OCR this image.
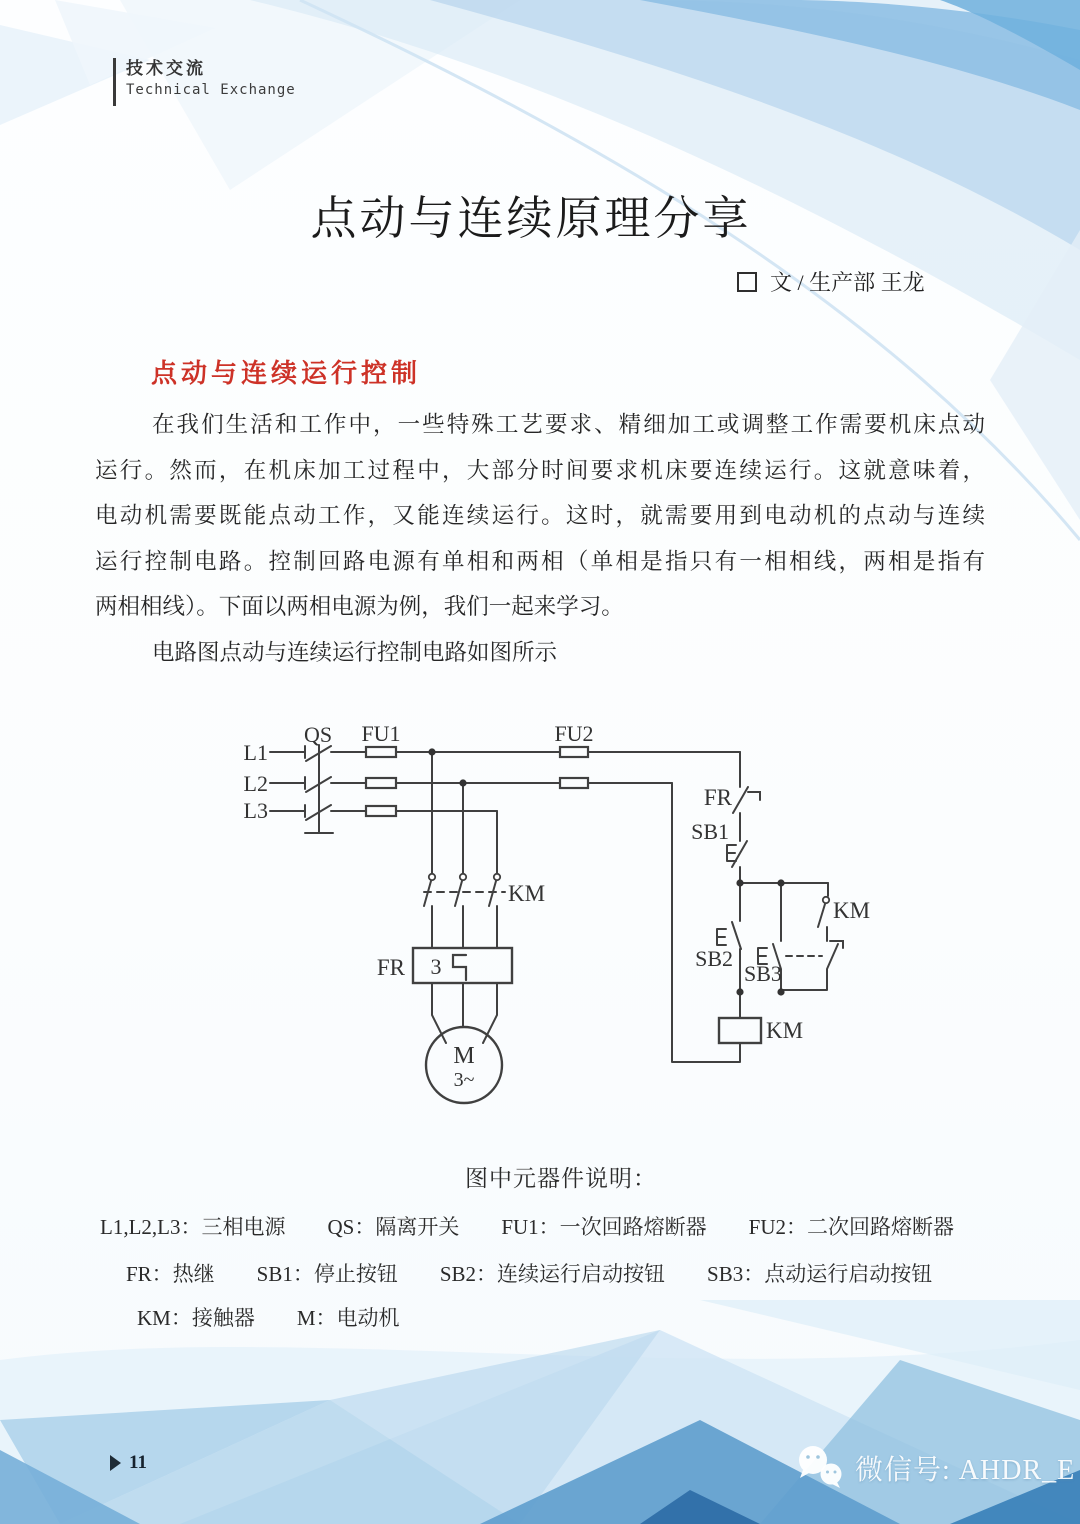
技术交流
Technical Exchange
点动与连续原理分享
文 / 生产部 王龙
点动与连续运行控制
在我们生活和工作中，一些特殊工艺要求、精细加工或调整工作需要机床点动
运行。然而，在机床加工过程中，大部分时间要求机床要连续运行。这就意味着，
电动机需要既能点动工作，又能连续运行。这时，就需要用到电动机的点动与连续
运行控制电路。控制回路电源有单相和两相（单相是指只有一相相线，两相是指有
两相相线）。下面以两相电源为例，我们一起来学习。
电路图点动与连续运行控制电路如图所示
L1
L2
L3
QS FU1	FU2
KM
FR 3
FR
SB1
SB2
SB3
KM
KM
M
3~
图中元器件说明：
L1,L2,L3：三相电源　　QS：隔离开关　　FU1：一次回路熔断器　　FU2：二次回路熔断器
FR：热继　　SB1：停止按钮　　SB2：连续运行启动按钮　　SB3：点动运行启动按钮
KM：接触器　　M：电动机
11	微信号: AHDR_E
